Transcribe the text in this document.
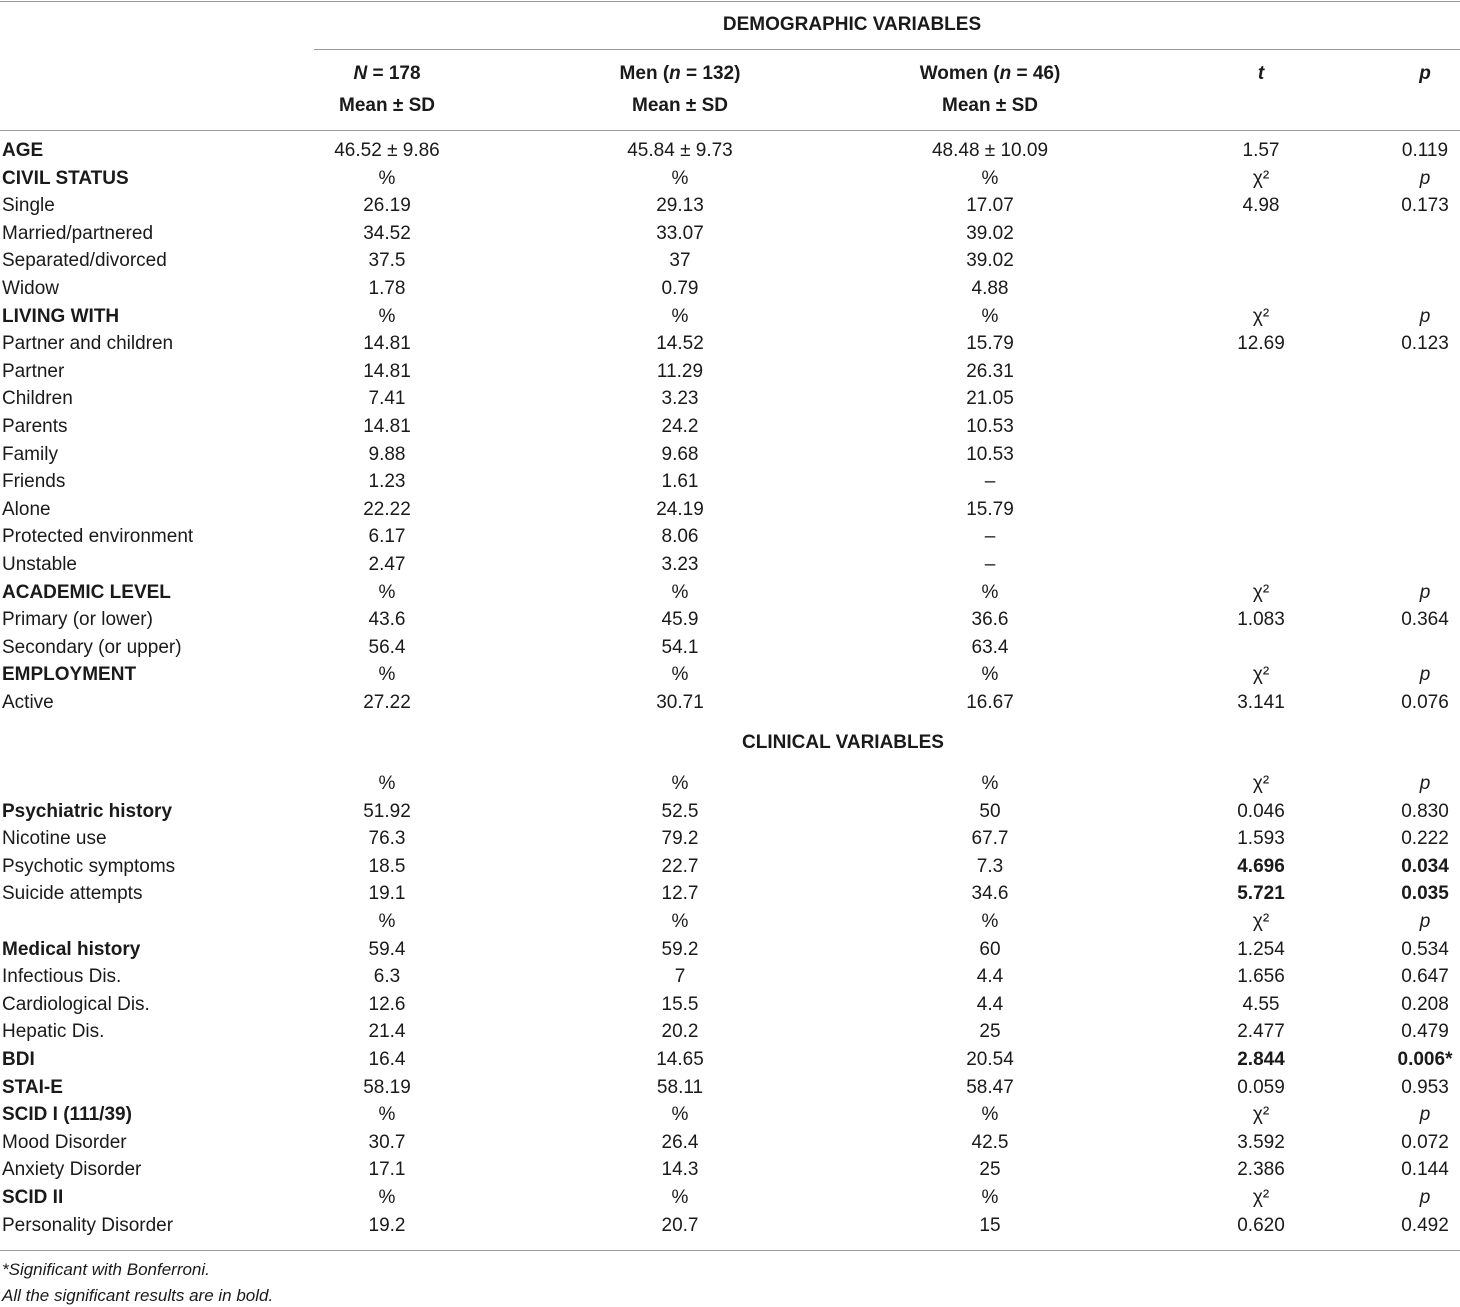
DEMOGRAPHIC VARIABLES
N = 178	Men (n = 132)	Women (n = 46)	t	p
Mean ± SD	Mean ± SD	Mean ± SD
CLINICAL VARIABLES
AGE	46.52 ± 9.86	45.84 ± 9.73	48.48 ± 10.09	1.57	0.119
CIVIL STATUS	%	%	%	χ²	p
Single	26.19	29.13	17.07	4.98	0.173
Married/partnered	34.52	33.07	39.02
Separated/divorced	37.5	37	39.02
Widow	1.78	0.79	4.88
LIVING WITH	%	%	%	χ²	p
Partner and children	14.81	14.52	15.79	12.69	0.123
Partner	14.81	11.29	26.31
Children	7.41	3.23	21.05
Parents	14.81	24.2	10.53
Family	9.88	9.68	10.53
Friends	1.23	1.61	–
Alone	22.22	24.19	15.79
Protected environment	6.17	8.06	–
Unstable	2.47	3.23	–
ACADEMIC LEVEL	%	%	%	χ²	p
Primary (or lower)	43.6	45.9	36.6	1.083	0.364
Secondary (or upper)	56.4	54.1	63.4
EMPLOYMENT	%	%	%	χ²	p
Active	27.22	30.71	16.67	3.141	0.076
%	%	%	χ²	p
Psychiatric history	51.92	52.5	50	0.046	0.830
Nicotine use	76.3	79.2	67.7	1.593	0.222
Psychotic symptoms	18.5	22.7	7.3	4.696	0.034
Suicide attempts	19.1	12.7	34.6	5.721	0.035
%	%	%	χ²	p
Medical history	59.4	59.2	60	1.254	0.534
Infectious Dis.	6.3	7	4.4	1.656	0.647
Cardiological Dis.	12.6	15.5	4.4	4.55	0.208
Hepatic Dis.	21.4	20.2	25	2.477	0.479
BDI	16.4	14.65	20.54	2.844	0.006*
STAI-E	58.19	58.11	58.47	0.059	0.953
SCID I (111/39)	%	%	%	χ²	p
Mood Disorder	30.7	26.4	42.5	3.592	0.072
Anxiety Disorder	17.1	14.3	25	2.386	0.144
SCID II	%	%	%	χ²	p
Personality Disorder	19.2	20.7	15	0.620	0.492
*Significant with Bonferroni.
All the significant results are in bold.
